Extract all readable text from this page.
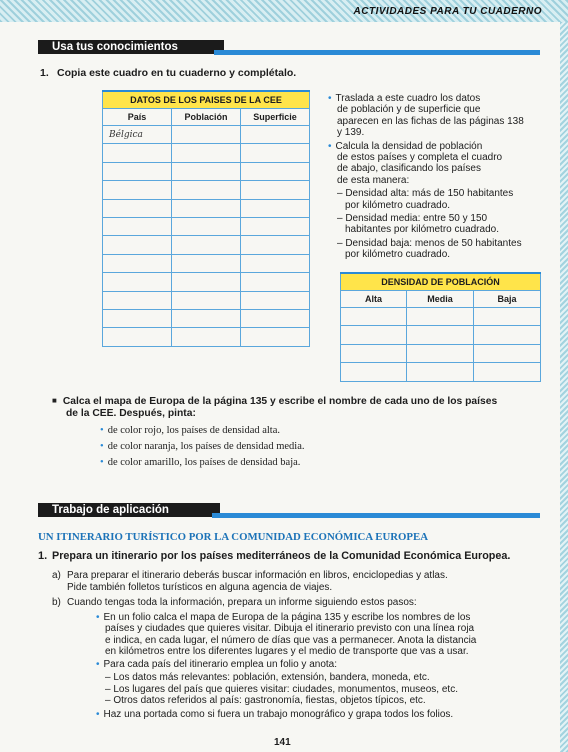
ACTIVIDADES PARA TU CUADERNO
Usa tus conocimientos
1. Copia este cuadro en tu cuaderno y complétalo.
DATOS DE LOS PAISES DE LA CEE		
País	Población	Superficie
Bélgica		

• Traslada a este cuadro los datos
de población y de superficie que
aparecen en las fichas de las páginas 138
y 139.
• Calcula la densidad de población
de estos países y completa el cuadro
de abajo, clasificando los países
de esta manera:
– Densidad alta: más de 150 habitantes
por kilómetro cuadrado.
– Densidad media: entre 50 y 150
habitantes por kilómetro cuadrado.
– Densidad baja: menos de 50 habitantes
por kilómetro cuadrado.
DENSIDAD DE POBLACIÓN		
Alta	Media	Baja

■ Calca el mapa de Europa de la página 135 y escribe el nombre de cada uno de los países
de la CEE. Después, pinta:
• de color rojo, los países de densidad alta.
• de color naranja, los países de densidad media.
• de color amarillo, los países de densidad baja.
Trabajo de aplicación
UN ITINERARIO TURÍSTICO POR LA COMUNIDAD ECONÓMICA EUROPEA
1. Prepara un itinerario por los países mediterráneos de la Comunidad Económica Europea.
a) Para preparar el itinerario deberás buscar información en libros, enciclopedias y atlas.
Pide también folletos turísticos en alguna agencia de viajes.
b) Cuando tengas toda la información, prepara un informe siguiendo estos pasos:
• En un folio calca el mapa de Europa de la página 135 y escribe los nombres de los
países y ciudades que quieres visitar. Dibuja el itinerario previsto con una línea roja
e indica, en cada lugar, el número de días que vas a permanecer. Anota la distancia
en kilómetros entre los diferentes lugares y el medio de transporte que vas a usar.
• Para cada país del itinerario emplea un folio y anota:
– Los datos más relevantes: población, extensión, bandera, moneda, etc.
– Los lugares del país que quieres visitar: ciudades, monumentos, museos, etc.
– Otros datos referidos al país: gastronomía, fiestas, objetos típicos, etc.
• Haz una portada como si fuera un trabajo monográfico y grapa todos los folios.
141
